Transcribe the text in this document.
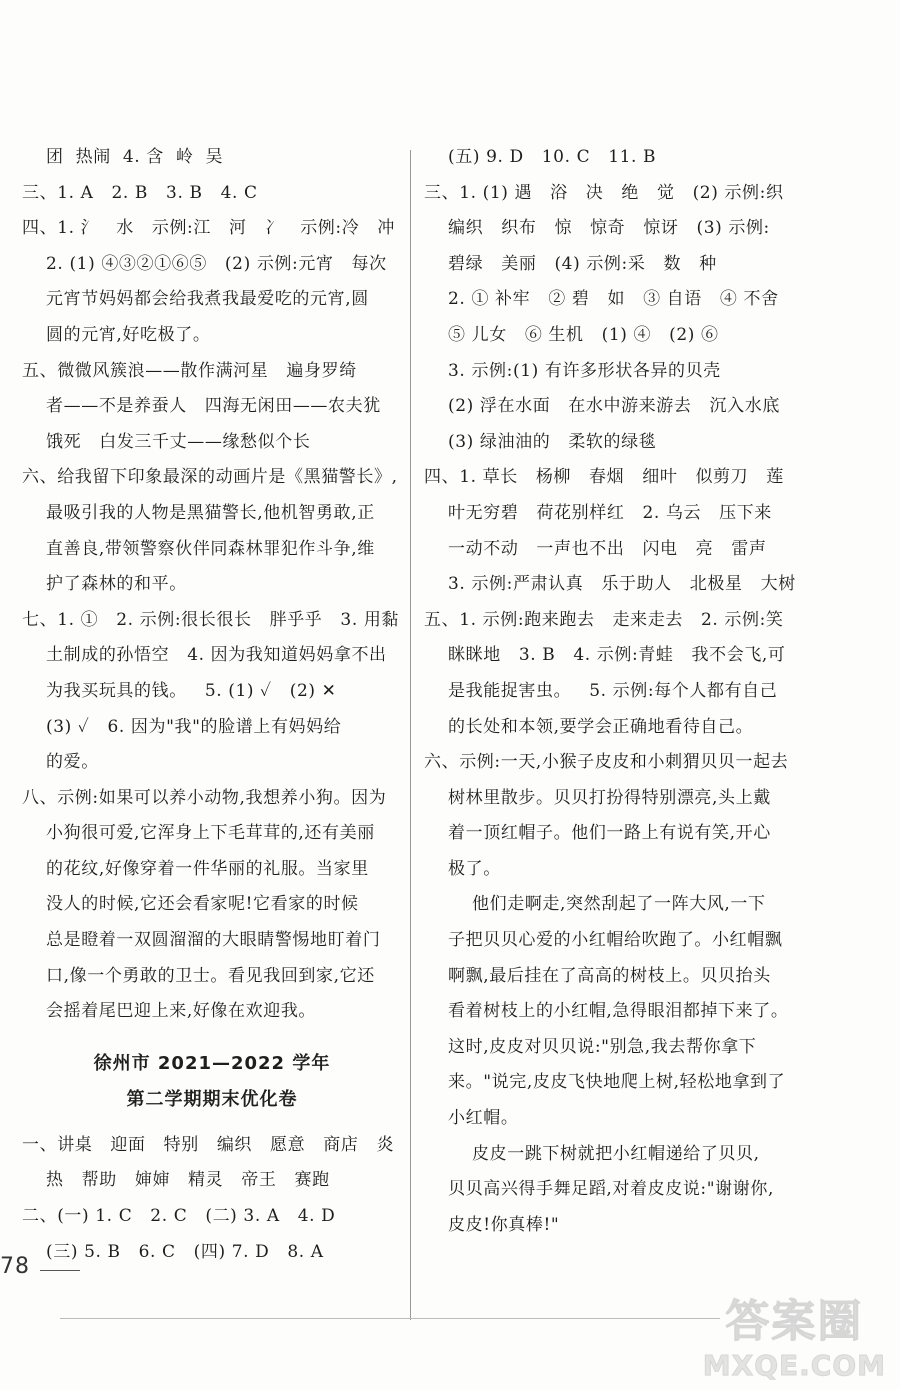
团  热闹  4. 含  岭  吴
三、1. A   2. B   3. B   4. C
四、1. 氵   水   示例:江   河   冫   示例:冷   冲
2. (1) ④③②①⑥⑤   (2) 示例:元宵   每次
元宵节妈妈都会给我煮我最爱吃的元宵,圆
圆的元宵,好吃极了。
五、微微风簇浪——散作满河星   遍身罗绮
者——不是养蚕人   四海无闲田——农夫犹
饿死   白发三千丈——缘愁似个长
六、给我留下印象最深的动画片是《黑猫警长》,
最吸引我的人物是黑猫警长,他机智勇敢,正
直善良,带领警察伙伴同森林罪犯作斗争,维
护了森林的和平。
七、1. ①   2. 示例:很长很长   胖乎乎   3. 用黏
土制成的孙悟空   4. 因为我知道妈妈拿不出
为我买玩具的钱。   5. (1) ✓   (2) ✕
(3) ✓   6. 因为"我"的脸谱上有妈妈给
的爱。
八、示例:如果可以养小动物,我想养小狗。因为
小狗很可爱,它浑身上下毛茸茸的,还有美丽
的花纹,好像穿着一件华丽的礼服。当家里
没人的时候,它还会看家呢!它看家的时候
总是瞪着一双圆溜溜的大眼睛警惕地盯着门
口,像一个勇敢的卫士。看见我回到家,它还
会摇着尾巴迎上来,好像在欢迎我。
徐州市 2021—2022 学年
第二学期期末优化卷
一、讲桌   迎面   特别   编织   愿意   商店   炎
热   帮助   婶婶   精灵   帝王   赛跑
二、(一) 1. C   2. C   (二) 3. A   4. D
(三) 5. B   6. C   (四) 7. D   8. A
(五) 9. D   10. C   11. B
三、1. (1) 遇   浴   决   绝   觉   (2) 示例:织
编织   织布   惊   惊奇   惊讶   (3) 示例:
碧绿   美丽   (4) 示例:采   数   种
2. ① 补牢   ② 碧   如   ③ 自语   ④ 不舍
⑤ 儿女   ⑥ 生机   (1) ④   (2) ⑥
3. 示例:(1) 有许多形状各异的贝壳
(2) 浮在水面   在水中游来游去   沉入水底
(3) 绿油油的   柔软的绿毯
四、1. 草长   杨柳   春烟   细叶   似剪刀   莲
叶无穷碧   荷花别样红   2. 乌云   压下来
一动不动   一声也不出   闪电   亮   雷声
3. 示例:严肃认真   乐于助人   北极星   大树
五、1. 示例:跑来跑去   走来走去   2. 示例:笑
眯眯地   3. B   4. 示例:青蛙   我不会飞,可
是我能捉害虫。   5. 示例:每个人都有自己
的长处和本领,要学会正确地看待自己。
六、示例:一天,小猴子皮皮和小刺猬贝贝一起去
树林里散步。贝贝打扮得特别漂亮,头上戴
着一顶红帽子。他们一路上有说有笑,开心
极了。
他们走啊走,突然刮起了一阵大风,一下
子把贝贝心爱的小红帽给吹跑了。小红帽飘
啊飘,最后挂在了高高的树枝上。贝贝抬头
看着树枝上的小红帽,急得眼泪都掉下来了。
这时,皮皮对贝贝说:"别急,我去帮你拿下
来。"说完,皮皮飞快地爬上树,轻松地拿到了
小红帽。
皮皮一跳下树就把小红帽递给了贝贝,
贝贝高兴得手舞足蹈,对着皮皮说:"谢谢你,
皮皮!你真棒!"
78
答案圈
MXQE.COM
